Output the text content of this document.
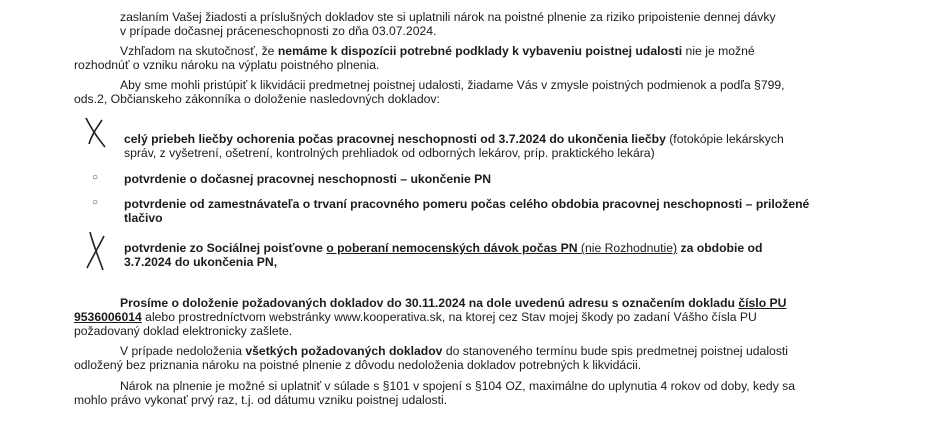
zaslaním Vašej žiadosti a príslušných dokladov ste si uplatnili nárok na poistné plnenie za riziko pripoistenie dennej dávky

v prípade dočasnej práceneschopnosti zo dňa 03.07.2024.

Vzhľadom na skutočnosť, že nemáme k dispozícii potrebné podklady k vybaveniu poistnej udalosti nie je možné

rozhodnúť o vzniku nároku na výplatu poistného plnenia.

Aby sme mohli pristúpiť k likvidácii predmetnej poistnej udalosti, žiadame Vás v zmysle poistných podmienok a podľa §799,

ods.2, Občianskeho zákonníka o doloženie nasledovných dokladov:

celý priebeh liečby ochorenia počas pracovnej neschopnosti od 3.7.2024 do ukončenia liečby (fotokópie lekárskych

správ, z vyšetrení, ošetrení, kontrolných prehliadok od odborných lekárov, príp. praktického lekára)

○ potvrdenie o dočasnej pracovnej neschopnosti – ukončenie PN

○ potvrdenie od zamestnávateľa o trvaní pracovného pomeru počas celého obdobia pracovnej neschopnosti – priložené

tlačivo

potvrdenie zo Sociálnej poisťovne o poberaní nemocenských dávok počas PN (nie Rozhodnutie) za obdobie od

3.7.2024 do ukončenia PN,

Prosíme o doloženie požadovaných dokladov do 30.11.2024 na dole uvedenú adresu s označením dokladu číslo PU

9536006014 alebo prostredníctvom webstránky www.kooperativa.sk, na ktorej cez Stav mojej škody po zadaní Vášho čísla PU

požadovaný doklad elektronicky zašlete.

V prípade nedoloženia všetkých požadovaných dokladov do stanoveného termínu bude spis predmetnej poistnej udalosti

odložený bez priznania nároku na poistné plnenie z dôvodu nedoloženia dokladov potrebných k likvidácii.

Nárok na plnenie je možné si uplatniť v súlade s §101 v spojení s §104 OZ, maximálne do uplynutia 4 rokov od doby, kedy sa

mohlo právo vykonať prvý raz, t.j. od dátumu vzniku poistnej udalosti.
